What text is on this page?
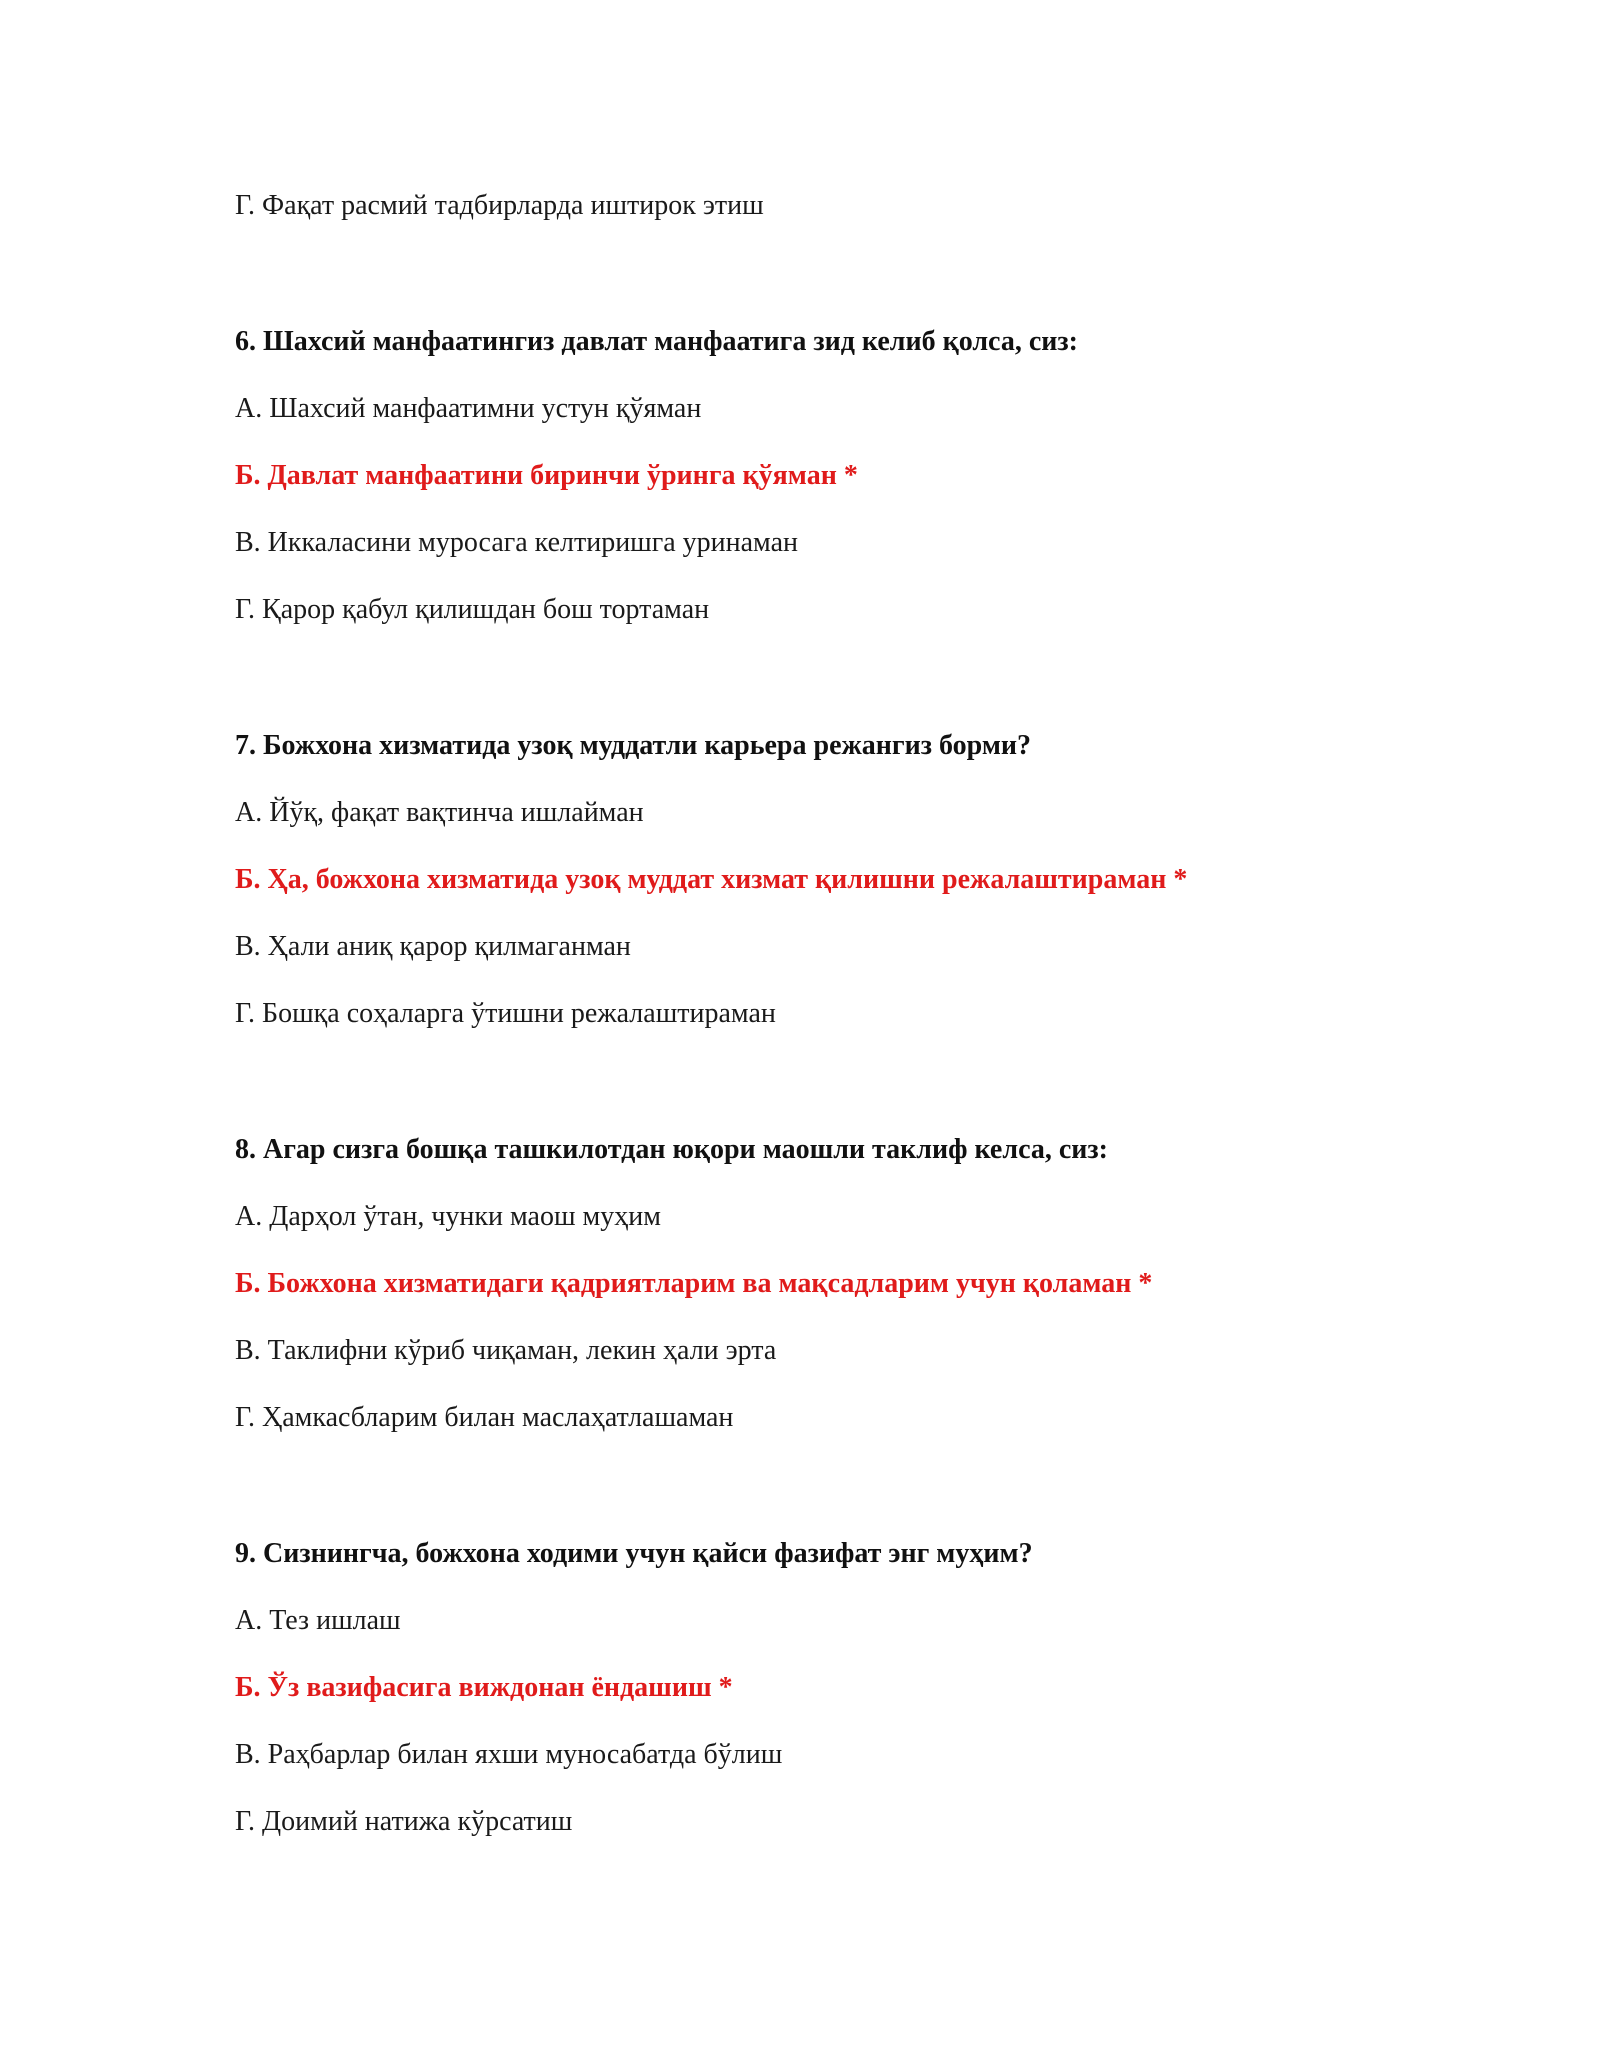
Г. Фақат расмий тадбирларда иштирок этиш
6. Шахсий манфаатингиз давлат манфаатига зид келиб қолса, сиз:
А. Шахсий манфаатимни устун қўяман
Б. Давлат манфаатини биринчи ўринга қўяман *
В. Иккаласини муросага келтиришга уринаман
Г. Қарор қабул қилишдан бош тортаман
7. Божхона хизматида узоқ муддатли карьера режангиз борми?
А. Йўқ, фақат вақтинча ишлайман
Б. Ҳа, божхона хизматида узоқ муддат хизмат қилишни режалаштираман *
В. Ҳали аниқ қарор қилмаганман
Г. Бошқа соҳаларга ўтишни режалаштираман
8. Агар сизга бошқа ташкилотдан юқори маошли таклиф келса, сиз:
А. Дарҳол ўтан, чунки маош муҳим
Б. Божхона хизматидаги қадриятларим ва мақсадларим учун қоламан *
В. Таклифни кўриб чиқаман, лекин ҳали эрта
Г. Ҳамкасбларим билан маслаҳатлашаман
9. Сизнингча, божхона ходими учун қайси фазифат энг муҳим?
А. Тез ишлаш
Б. Ўз вазифасига виждонан ёндашиш *
В. Раҳбарлар билан яхши муносабатда бўлиш
Г. Доимий натижа кўрсатиш
